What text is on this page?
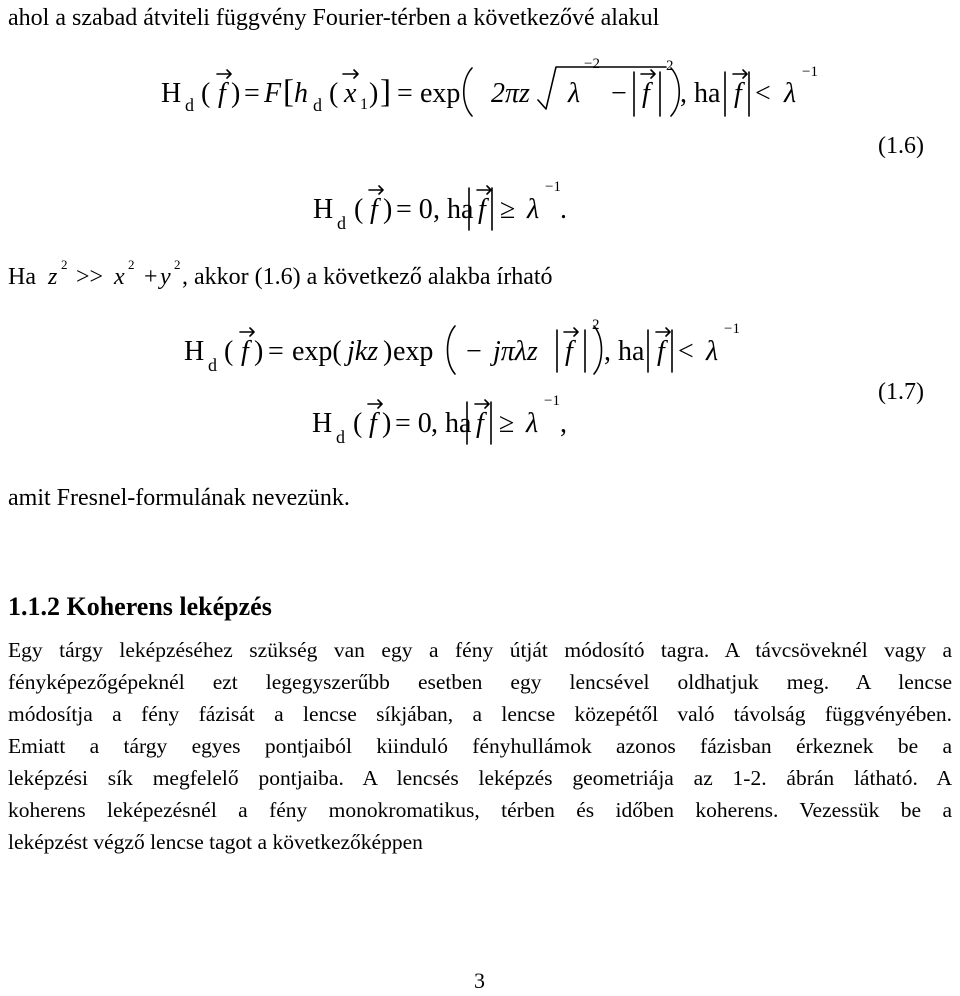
ahol a szabad átviteli függvény Fourier-térben a következővé alakul
H d ( f ) = F [ h d ( x 1 ) ] = exp 2πz λ
−2
− f
2
, ha f < λ
−1
(1.6)
H d ( f ) = 0 , ha f ≥ λ
−1
.
Ha z 2 >> x 2 + y 2 , akkor (1.6) a következő alakba írható
H d ( f ) = exp( jkz ) exp − jπλz f
2
, ha f < λ
−1
(1.7)
H d ( f ) = 0 , ha f ≥ λ
−1
,
amit Fresnel-formulának nevezünk.
1.1.2 Koherens leképzés
Egy tárgy leképzéséhez szükség van egy a fény útját módosító tagra. A távcsöveknél vagy a
fényképezőgépeknél ezt legegyszerűbb esetben egy lencsével oldhatjuk meg. A lencse
módosítja a fény fázisát a lencse síkjában, a lencse közepétől való távolság függvényében.
Emiatt a tárgy egyes pontjaiból kiinduló fényhullámok azonos fázisban érkeznek be a
leképzési sík megfelelő pontjaiba. A lencsés leképzés geometriája az 1-2. ábrán látható. A
koherens leképezésnél a fény monokromatikus, térben és időben koherens. Vezessük be a
leképzést végző lencse tagot a következőképpen
3
